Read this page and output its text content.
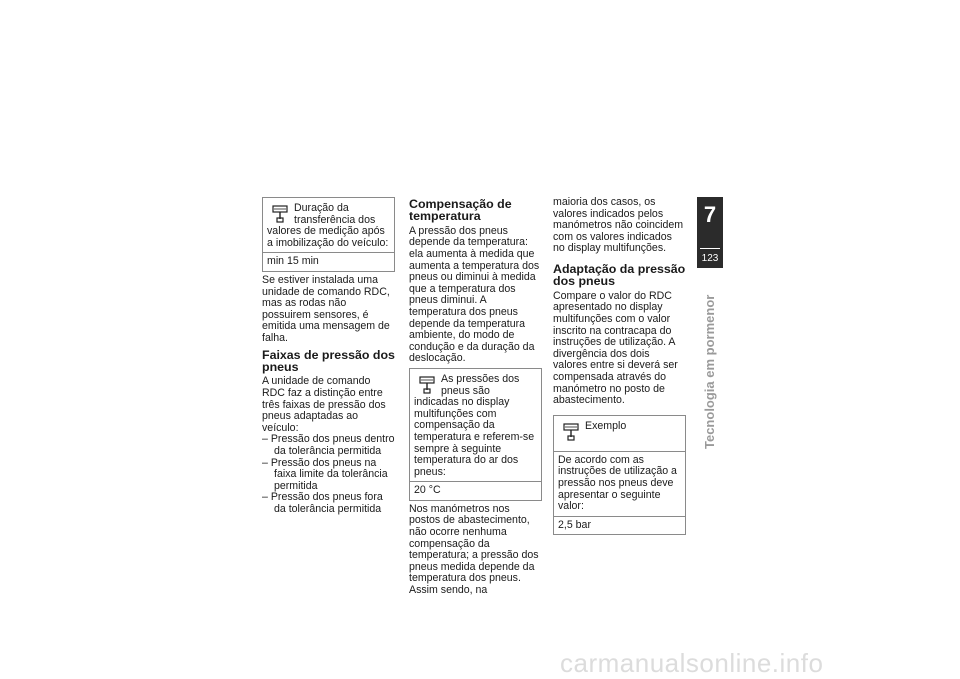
Duração da transferência dos valores de medição após a imobilização do veículo:
min 15 min

Se estiver instalada uma unidade de comando RDC, mas as rodas não possuirem sensores, é emitida uma mensagem de falha.

Faixas de pressão dos pneus

A unidade de comando RDC faz a distinção entre três faixas de pressão dos pneus adaptadas ao veículo:

– Pressão dos pneus dentro da tolerância permitida
– Pressão dos pneus na faixa limite da tolerância permitida
– Pressão dos pneus fora da tolerância permitida
Compensação de temperatura

A pressão dos pneus depende da temperatura: ela aumenta à medida que aumenta a temperatura dos pneus ou diminui à medida que a temperatura dos pneus diminui. A temperatura dos pneus depende da temperatura ambiente, do modo de condução e da duração da deslocação.

As pressões dos pneus são indicadas no display multifunções com compensação da temperatura e referem-se sempre à seguinte temperatura do ar dos pneus:
20 °C

Nos manómetros nos postos de abastecimento, não ocorre nenhuma compensação da temperatura; a pressão dos pneus medida depende da temperatura dos pneus. Assim sendo, na

maioria dos casos, os valores indicados pelos manómetros não coincidem com os valores indicados no display multifunções.

Adaptação da pressão dos pneus

Compare o valor do RDC apresentado no display multifunções com o valor inscrito na contracapa do instruções de utilização. A divergência dos dois valores entre si deverá ser compensada através do manómetro no posto de abastecimento.

Exemplo
De acordo com as instruções de utilização a pressão nos pneus deve apresentar o seguinte valor:
2,5 bar
7
123
Tecnologia em pormenor
carmanualsonline.info
